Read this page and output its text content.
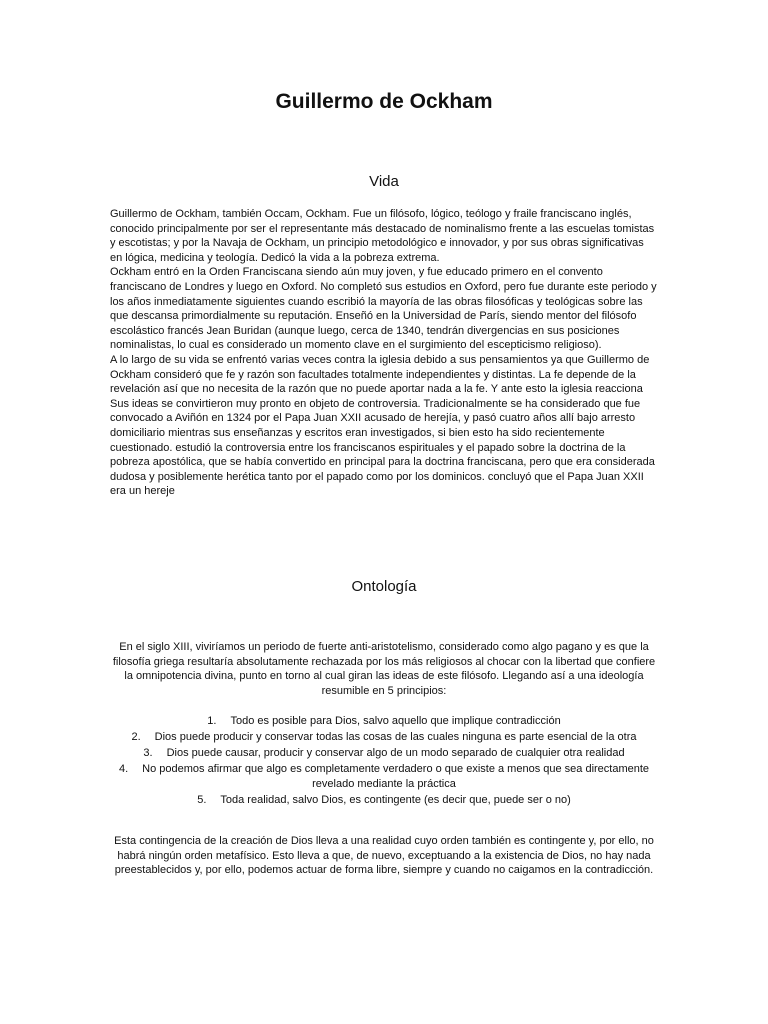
Guillermo de Ockham
Vida

Guillermo de Ockham, también Occam, Ockham. Fue un filósofo, lógico, teólogo y fraile franciscano inglés, conocido principalmente por ser el representante más destacado de nominalismo frente a las escuelas tomistas y escotistas; y por la Navaja de Ockham, un principio metodológico e innovador, y por sus obras significativas en lógica, medicina y teología. Dedicó la vida a la pobreza extrema.

Ockham entró en la Orden Franciscana siendo aún muy joven, y fue educado primero en el convento franciscano de Londres y luego en Oxford. No completó sus estudios en Oxford, pero fue durante este periodo y los años inmediatamente siguientes cuando escribió la mayoría de las obras filosóficas y teológicas sobre las que descansa primordialmente su reputación. Enseñó en la Universidad de París, siendo mentor del filósofo escolástico francés Jean Buridan (aunque luego, cerca de 1340, tendrán divergencias en sus posiciones nominalistas, lo cual es considerado un momento clave en el surgimiento del escepticismo religioso).

A lo largo de su vida se enfrentó varias veces contra la iglesia debido a sus pensamientos ya que Guillermo de Ockham consideró que fe y razón son facultades totalmente independientes y distintas. La fe depende de la revelación así que no necesita de la razón que no puede aportar nada a la fe. Y ante esto la iglesia reacciona

Sus ideas se convirtieron muy pronto en objeto de controversia. Tradicionalmente se ha considerado que fue convocado a Aviñón en 1324 por el Papa Juan XXII acusado de herejía, y pasó cuatro años allí bajo arresto domiciliario mientras sus enseñanzas y escritos eran investigados, si bien esto ha sido recientemente cuestionado. estudió la controversia entre los franciscanos espirituales y el papado sobre la doctrina de la pobreza apostólica, que se había convertido en principal para la doctrina franciscana, pero que era considerada dudosa y posiblemente herética tanto por el papado como por los dominicos. concluyó que el Papa Juan XXII era un hereje

Ontología

En el siglo XIII, viviríamos un periodo de fuerte anti-aristotelismo, considerado como algo pagano y es que la filosofía griega resultaría absolutamente rechazada por los más religiosos al chocar con la libertad que confiere la omnipotencia divina, punto en torno al cual giran las ideas de este filósofo. Llegando así a una ideología resumible en 5 principios:

1. Todo es posible para Dios, salvo aquello que implique contradicción
2. Dios puede producir y conservar todas las cosas de las cuales ninguna es parte esencial de la otra
3. Dios puede causar, producir y conservar algo de un modo separado de cualquier otra realidad
4. No podemos afirmar que algo es completamente verdadero o que existe a menos que sea directamente revelado mediante la práctica
5. Toda realidad, salvo Dios, es contingente (es decir que, puede ser o no)

Esta contingencia de la creación de Dios lleva a una realidad cuyo orden también es contingente y, por ello, no habrá ningún orden metafísico. Esto lleva a que, de nuevo, exceptuando a la existencia de Dios, no hay nada preestablecidos y, por ello, podemos actuar de forma libre, siempre y cuando no caigamos en la contradicción.
